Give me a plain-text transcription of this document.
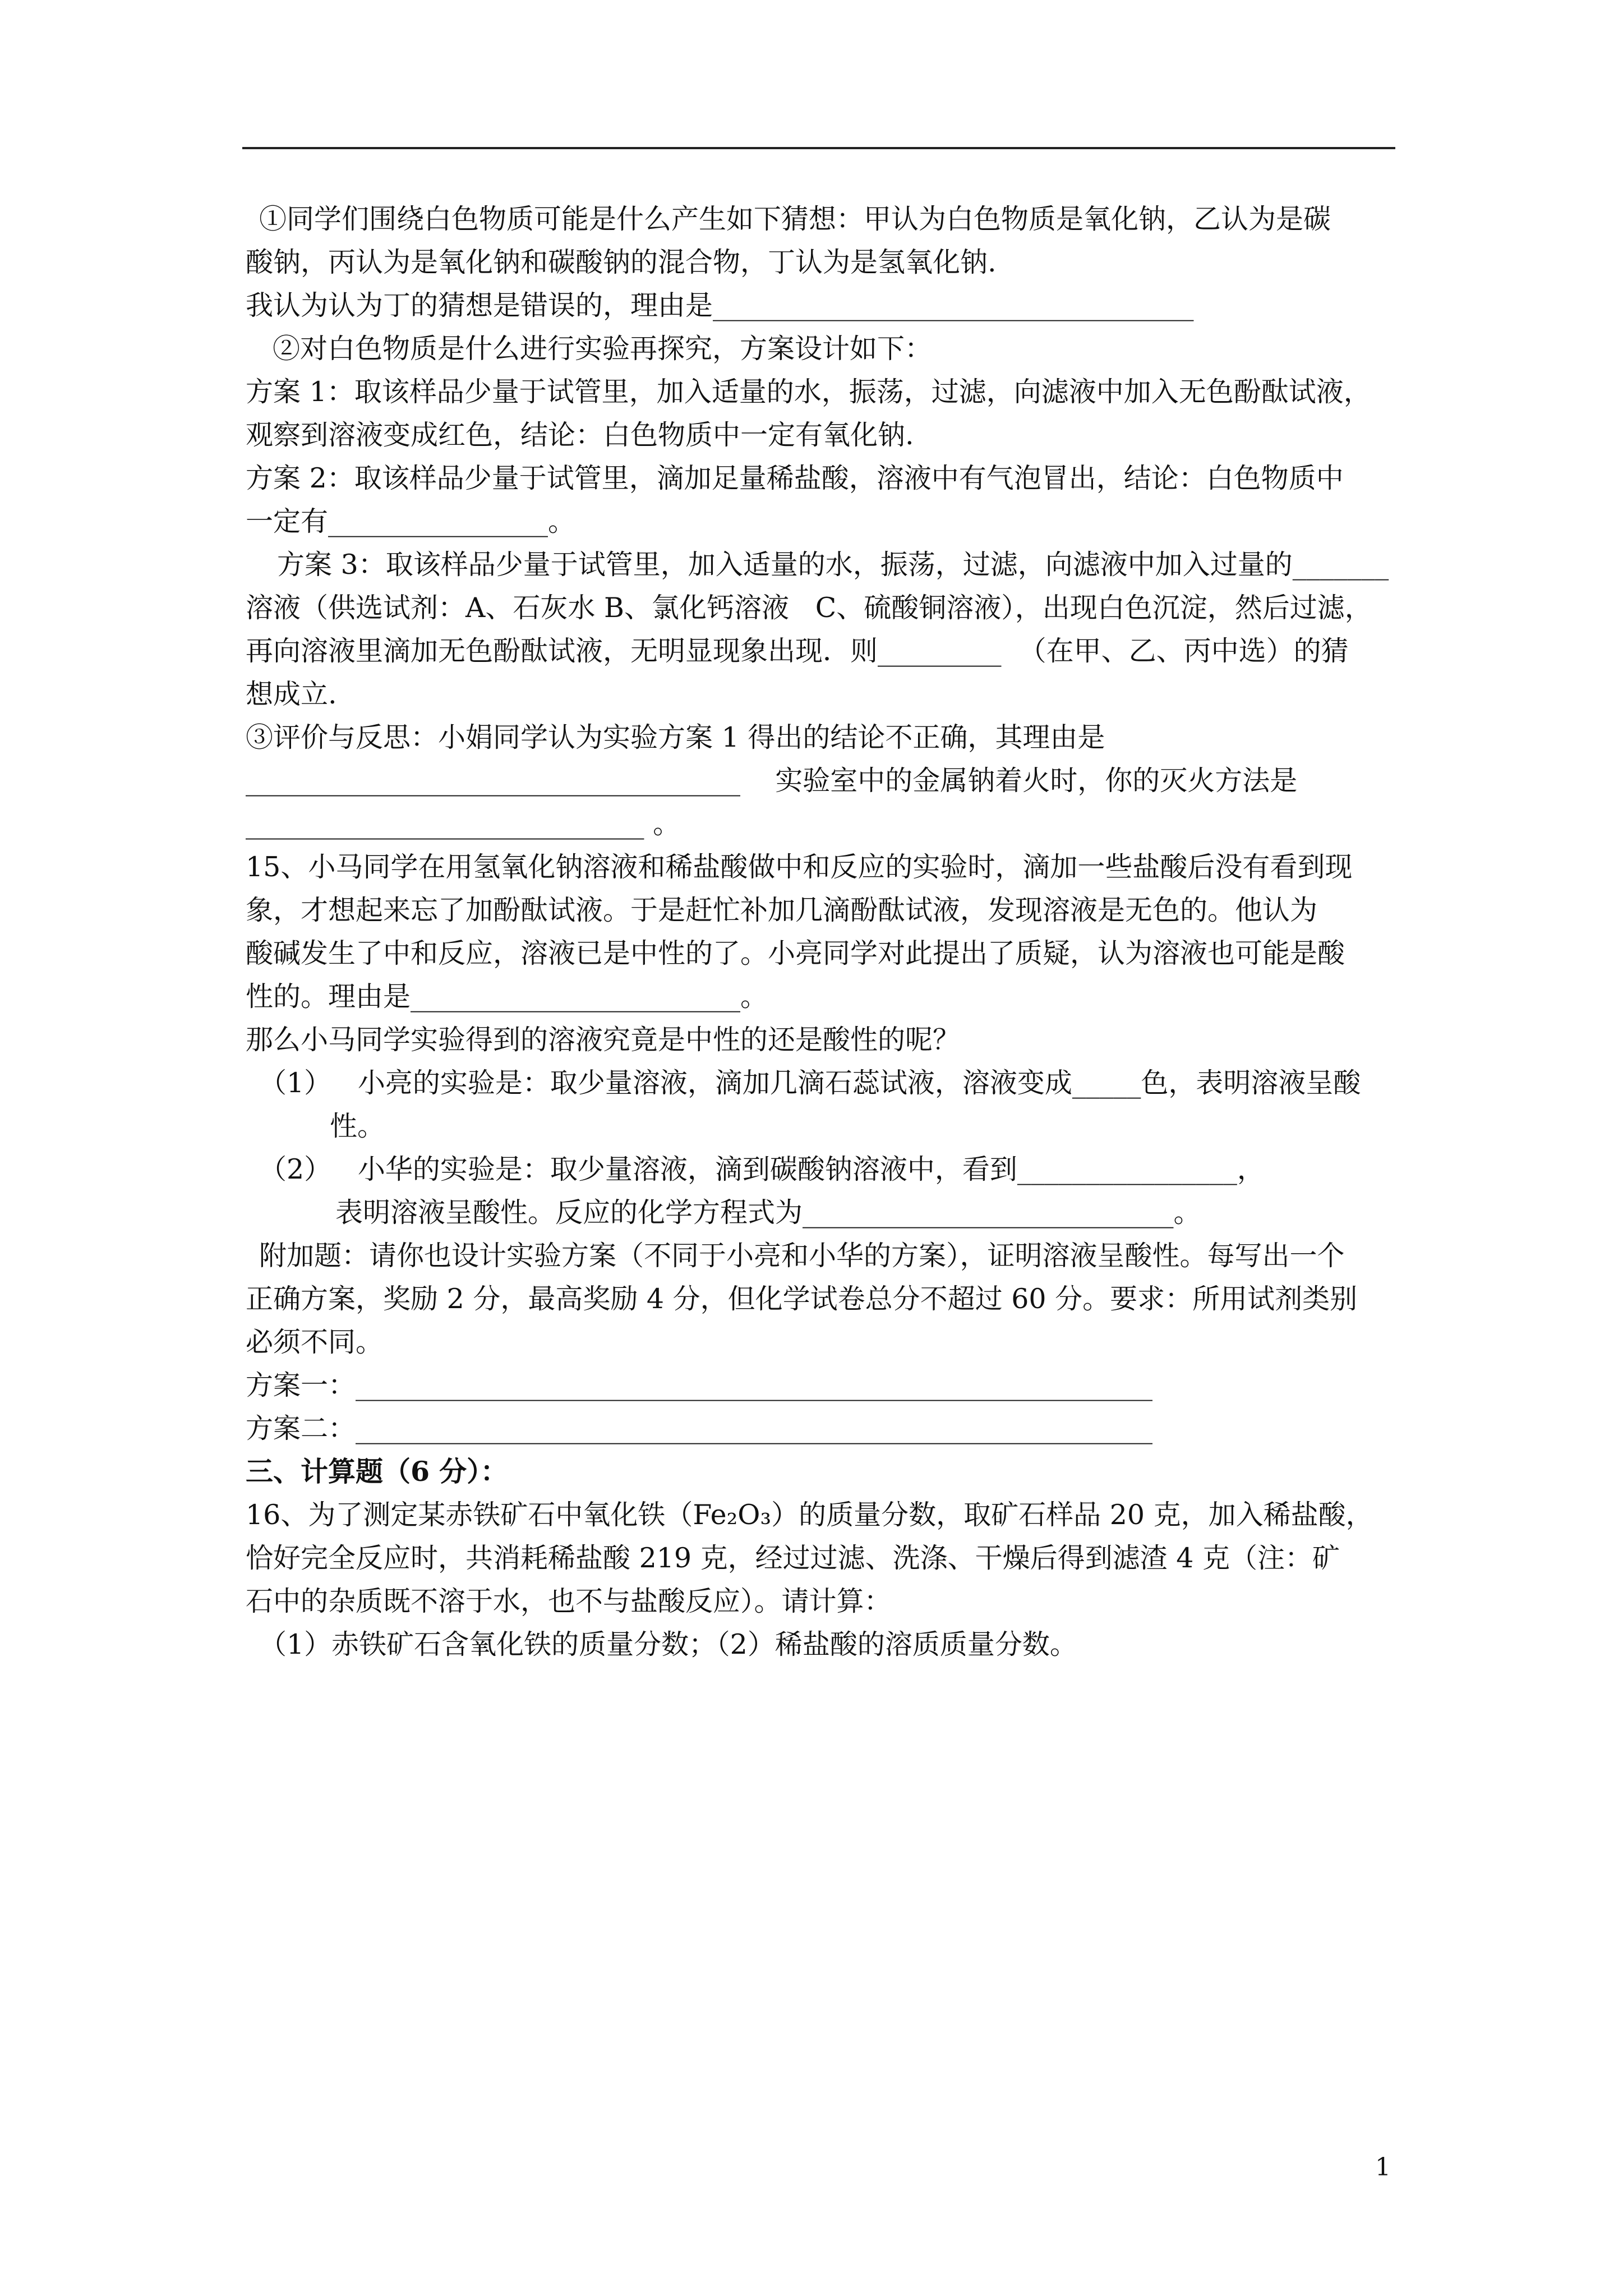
①同学们围绕白色物质可能是什么产生如下猜想：甲认为白色物质是氧化钠，乙认为是碳
酸钠，丙认为是氧化钠和碳酸钠的混合物，丁认为是氢氧化钠.
我认为认为丁的猜想是错误的，理由是___________________________________
②对白色物质是什么进行实验再探究，方案设计如下：
方案 1：取该样品少量于试管里，加入适量的水，振荡，过滤，向滤液中加入无色酚酞试液，
观察到溶液变成红色，结论：白色物质中一定有氧化钠.
方案 2：取该样品少量于试管里，滴加足量稀盐酸，溶液中有气泡冒出，结论：白色物质中
一定有________________。
方案 3：取该样品少量于试管里，加入适量的水，振荡，过滤，向滤液中加入过量的_______
溶液（供选试剂：A、石灰水 B、氯化钙溶液   C、硫酸铜溶液），出现白色沉淀，然后过滤，
再向溶液里滴加无色酚酞试液，无明显现象出现．则_________  （在甲、乙、丙中选）的猜
想成立.
③评价与反思：小娟同学认为实验方案 1 得出的结论不正确，其理由是
____________________________________    实验室中的金属钠着火时，你的灭火方法是
_____________________________ 。
15、小马同学在用氢氧化钠溶液和稀盐酸做中和反应的实验时，滴加一些盐酸后没有看到现
象，才想起来忘了加酚酞试液。于是赶忙补加几滴酚酞试液，发现溶液是无色的。他认为
酸碱发生了中和反应，溶液已是中性的了。小亮同学对此提出了质疑，认为溶液也可能是酸
性的。理由是________________________。
那么小马同学实验得到的溶液究竟是中性的还是酸性的呢？
（1）   小亮的实验是：取少量溶液，滴加几滴石蕊试液，溶液变成_____色，表明溶液呈酸
性。
（2）   小华的实验是：取少量溶液，滴到碳酸钠溶液中，看到________________，
表明溶液呈酸性。反应的化学方程式为___________________________。
附加题：请你也设计实验方案（不同于小亮和小华的方案），证明溶液呈酸性。每写出一个
正确方案，奖励 2 分，最高奖励 4 分，但化学试卷总分不超过 60 分。要求：所用试剂类别
必须不同。
方案一：__________________________________________________________
方案二：__________________________________________________________
三、计算题（6 分）：
16、为了测定某赤铁矿石中氧化铁（Fe₂O₃）的质量分数，取矿石样品 20 克，加入稀盐酸，
恰好完全反应时，共消耗稀盐酸 219 克，经过过滤、洗涤、干燥后得到滤渣 4 克（注：矿
石中的杂质既不溶于水，也不与盐酸反应）。请计算：
（1）赤铁矿石含氧化铁的质量分数；（2）稀盐酸的溶质质量分数。
1
